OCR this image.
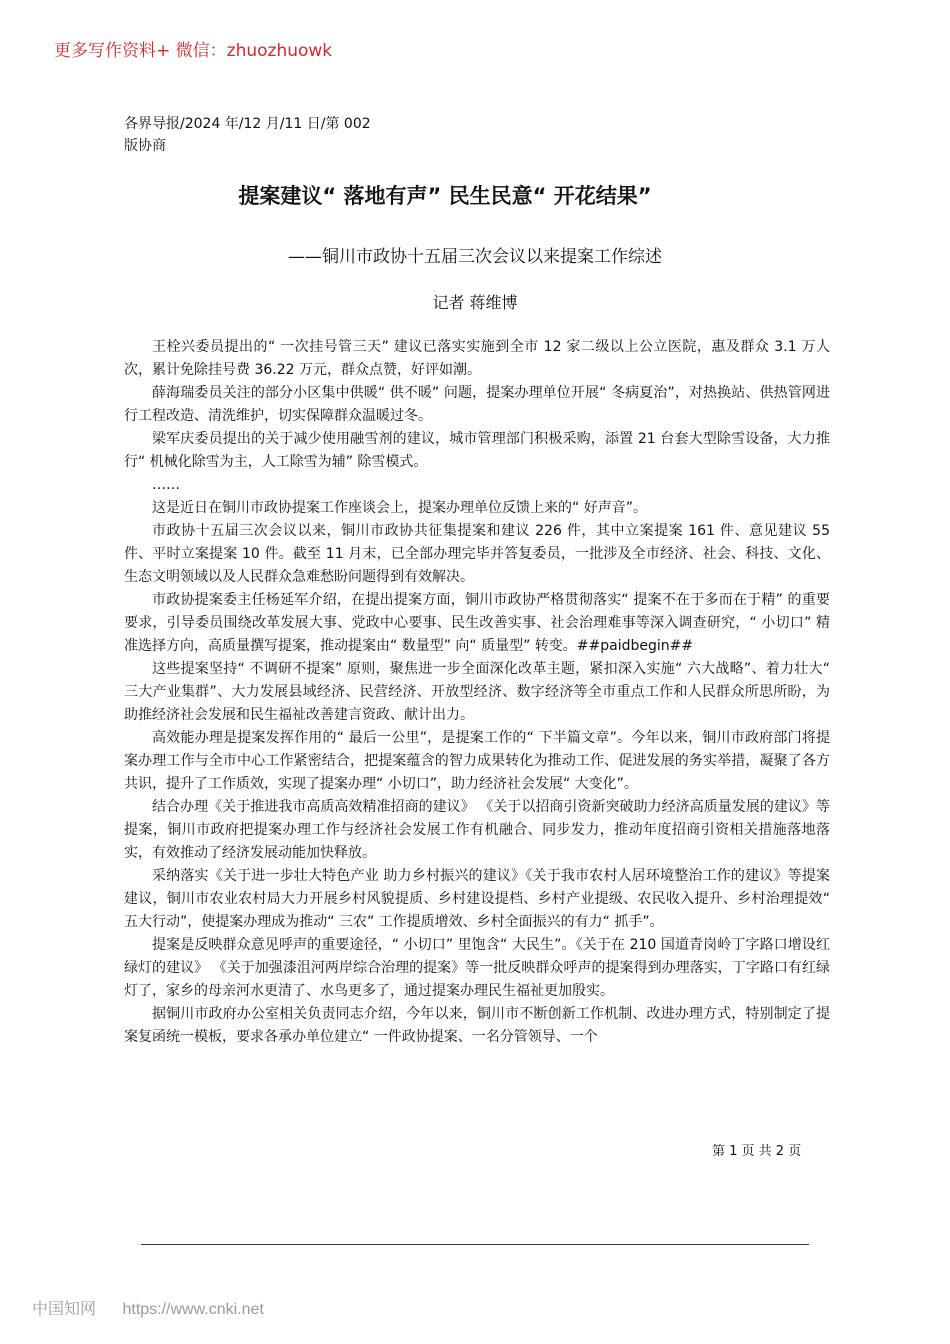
更多写作资料+ 微信：zhuozhuowk
各界导报/2024 年/12 月/11 日/第 002
版协商
提案建议“ 落地有声” 民生民意“ 开花结果”
——铜川市政协十五届三次会议以来提案工作综述
记者 蒋维博

王栓兴委员提出的“ 一次挂号管三天” 建议已落实实施到全市 12 家二级以上公立医院，惠及群众 3.1 万人次，累计免除挂号费 36.22 万元，群众点赞，好评如潮。

薛海瑞委员关注的部分小区集中供暖“ 供不暖” 问题，提案办理单位开展“ 冬病夏治”，对热换站、供热管网进行工程改造、清洗维护，切实保障群众温暖过冬。

梁军庆委员提出的关于减少使用融雪剂的建议，城市管理部门积极采购，添置 21 台套大型除雪设备，大力推行“ 机械化除雪为主，人工除雪为辅” 除雪模式。

……

这是近日在铜川市政协提案工作座谈会上，提案办理单位反馈上来的“ 好声音”。

市政协十五届三次会议以来，铜川市政协共征集提案和建议 226 件，其中立案提案 161 件、意见建议 55 件、平时立案提案 10 件。截至 11 月末，已全部办理完毕并答复委员，一批涉及全市经济、社会、科技、文化、生态文明领域以及人民群众急难愁盼问题得到有效解决。

市政协提案委主任杨延军介绍，在提出提案方面，铜川市政协严格贯彻落实“ 提案不在于多而在于精” 的重要要求，引导委员围绕改革发展大事、党政中心要事、民生改善实事、社会治理难事等深入调查研究，“ 小切口” 精准选择方向，高质量撰写提案，推动提案由“ 数量型” 向“ 质量型” 转变。##paidbegin##

这些提案坚持“ 不调研不提案” 原则，聚焦进一步全面深化改革主题，紧扣深入实施“ 六大战略”、着力壮大“ 三大产业集群”、大力发展县域经济、民营经济、开放型经济、数字经济等全市重点工作和人民群众所思所盼，为助推经济社会发展和民生福祉改善建言资政、献计出力。

高效能办理是提案发挥作用的“ 最后一公里”，是提案工作的“ 下半篇文章”。今年以来，铜川市政府部门将提案办理工作与全市中心工作紧密结合，把提案蕴含的智力成果转化为推动工作、促进发展的务实举措，凝聚了各方共识，提升了工作质效，实现了提案办理“ 小切口”，助力经济社会发展“ 大变化”。

结合办理《关于推进我市高质高效精准招商的建议》 《关于以招商引资新突破助力经济高质量发展的建议》等提案，铜川市政府把提案办理工作与经济社会发展工作有机融合、同步发力，推动年度招商引资相关措施落地落实，有效推动了经济发展动能加快释放。

采纳落实《关于进一步壮大特色产业 助力乡村振兴的建议》《关于我市农村人居环境整治工作的建议》等提案建议，铜川市农业农村局大力开展乡村风貌提质、乡村建设提档、乡村产业提级、农民收入提升、乡村治理提效“ 五大行动”，使提案办理成为推动“ 三农” 工作提质增效、乡村全面振兴的有力“ 抓手”。

提案是反映群众意见呼声的重要途径，“ 小切口” 里饱含“ 大民生”。《关于在 210 国道青岗岭丁字路口增设红绿灯的建议》 《关于加强漆沮河两岸综合治理的提案》等一批反映群众呼声的提案得到办理落实，丁字路口有红绿灯了，家乡的母亲河水更清了、水鸟更多了，通过提案办理民生福祉更加殷实。

据铜川市政府办公室相关负责同志介绍，今年以来，铜川市不断创新工作机制、改进办理方式，特别制定了提案复函统一模板，要求各承办单位建立“ 一件政协提案、一名分管领导、一个

第 1 页 共 2 页
中国知网 https://www.cnki.net
